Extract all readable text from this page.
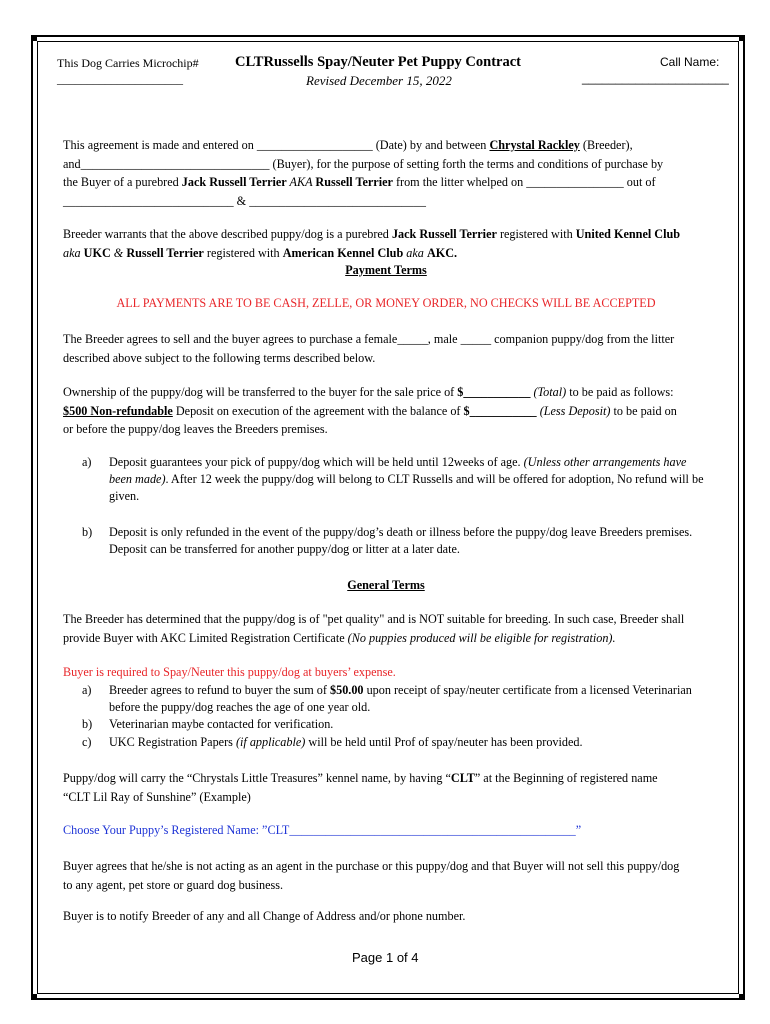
This Dog Carries Microchip#
_____________________
CLTRussells Spay/Neuter Pet Puppy Contract
Revised December 15, 2022
Call Name:
______________________
This agreement is made and entered on ___________________ (Date) by and between Chrystal Rackley (Breeder),
and_______________________________ (Buyer), for the purpose of setting forth the terms and conditions of purchase by
the Buyer of a purebred Jack Russell Terrier AKA Russell Terrier from the litter whelped on ________________ out of
____________________________ & _____________________________
Breeder warrants that the above described puppy/dog is a purebred Jack Russell Terrier registered with United Kennel Club
aka UKC & Russell Terrier registered with American Kennel Club aka AKC.
Payment Terms
ALL PAYMENTS ARE TO BE CASH, ZELLE, OR MONEY ORDER, NO CHECKS WILL BE ACCEPTED
The Breeder agrees to sell and the buyer agrees to purchase a female_____, male _____ companion puppy/dog from the litter
described above subject to the following terms described below.
Ownership of the puppy/dog will be transferred to the buyer for the sale price of $___________ (Total) to be paid as follows:
$500 Non-refundable Deposit on execution of the agreement with the balance of $___________ (Less Deposit) to be paid on
or before the puppy/dog leaves the Breeders premises.
a) Deposit guarantees your pick of puppy/dog which will be held until 12weeks of age. (Unless other arrangements have been made). After 12 week the puppy/dog will belong to CLT Russells and will be offered for adoption, No refund will be given.
b) Deposit is only refunded in the event of the puppy/dog’s death or illness before the puppy/dog leave Breeders premises. Deposit can be transferred for another puppy/dog or litter at a later date.
General Terms
The Breeder has determined that the puppy/dog is of "pet quality" and is NOT suitable for breeding. In such case, Breeder shall
provide Buyer with AKC Limited Registration Certificate (No puppies produced will be eligible for registration).
Buyer is required to Spay/Neuter this puppy/dog at buyers’ expense.
a) Breeder agrees to refund to buyer the sum of $50.00 upon receipt of spay/neuter certificate from a licensed Veterinarian before the puppy/dog reaches the age of one year old.
b) Veterinarian maybe contacted for verification.
c) UKC Registration Papers (if applicable) will be held until Prof of spay/neuter has been provided.
Puppy/dog will carry the “Chrystals Little Treasures” kennel name, by having “CLT” at the Beginning of registered name
“CLT Lil Ray of Sunshine” (Example)
Choose Your Puppy’s Registered Name: ”CLT_______________________________________________”
Buyer agrees that he/she is not acting as an agent in the purchase or this puppy/dog and that Buyer will not sell this puppy/dog
to any agent, pet store or guard dog business.
Buyer is to notify Breeder of any and all Change of Address and/or phone number.
Page 1 of 4
